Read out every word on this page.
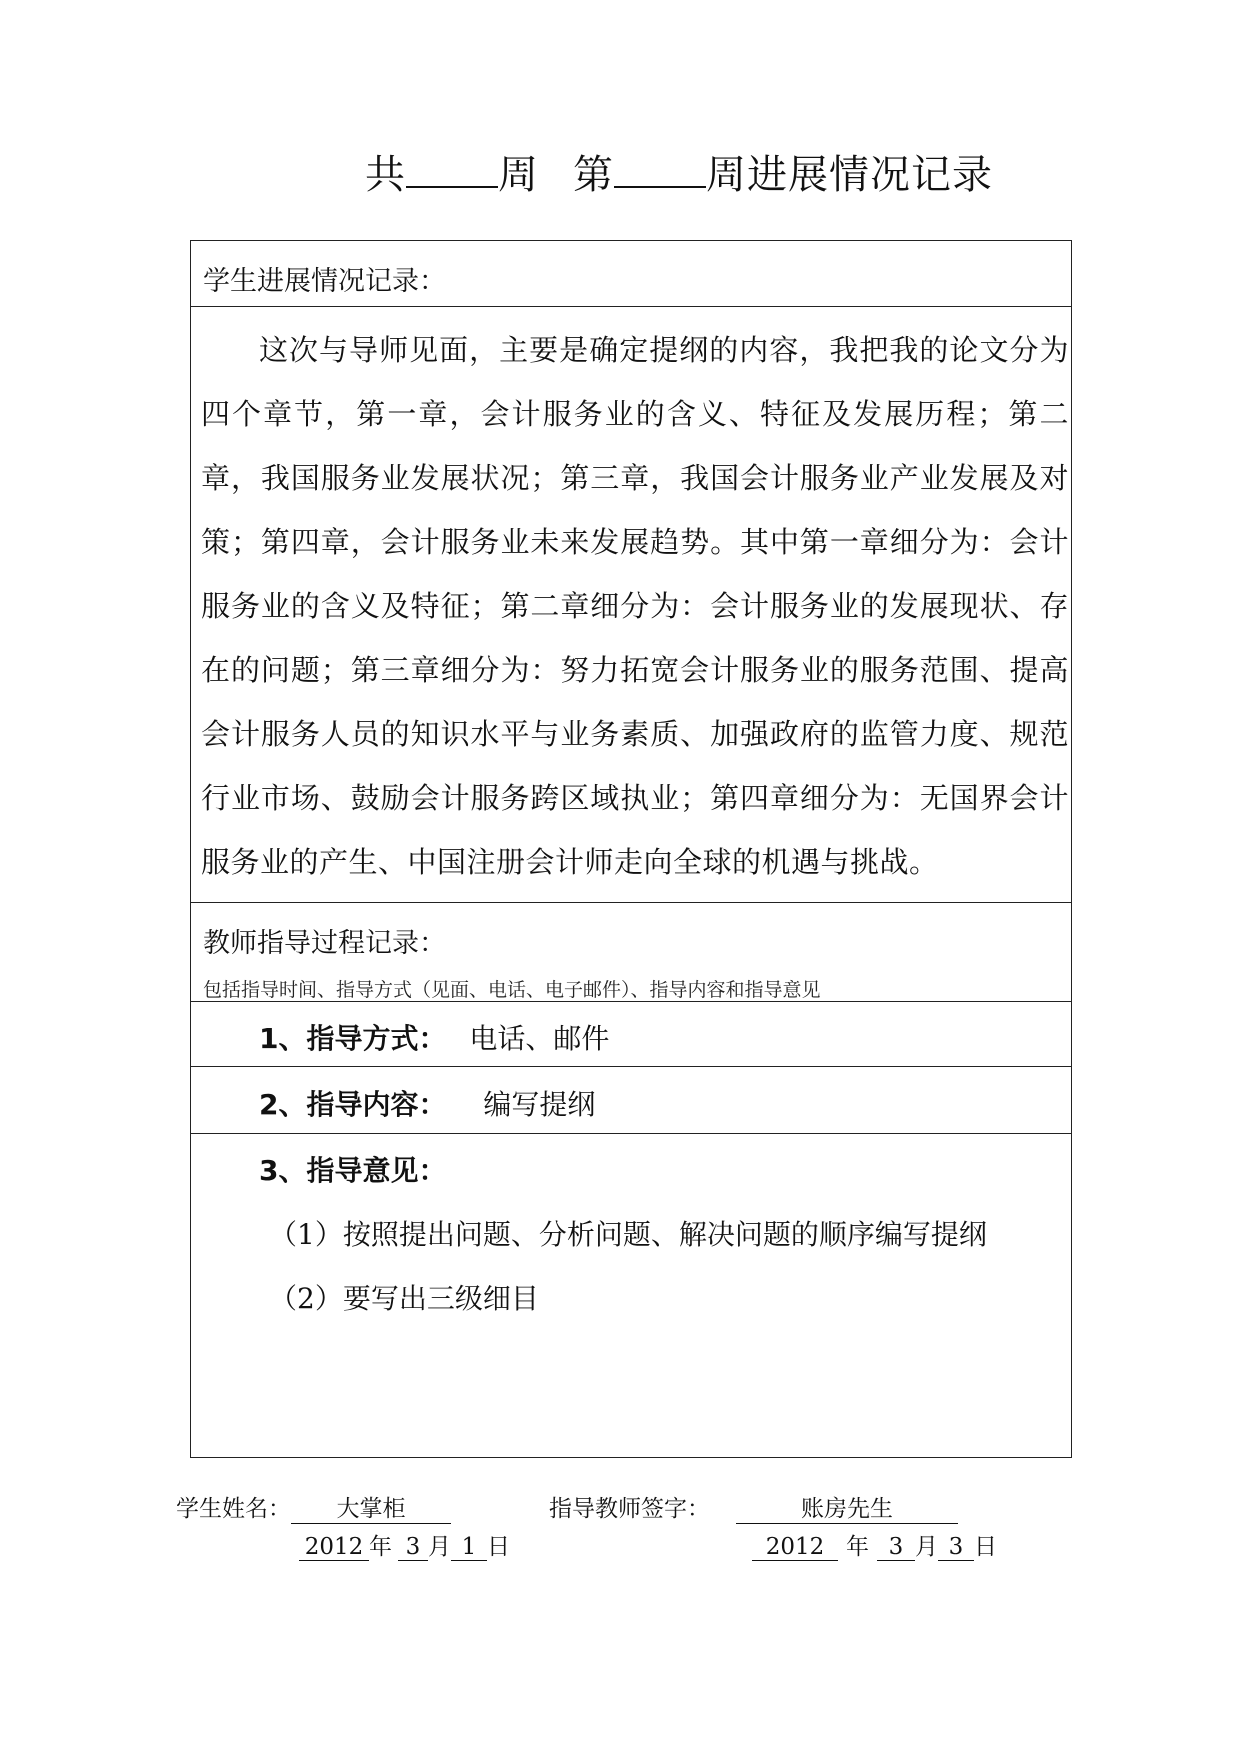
共 周 第 周进展情况记录
学生进展情况记录：
这次与导师见面，主要是确定提纲的内容，我把我的论文分为四个章节，第一章，会计服务业的含义、特征及发展历程；第二章，我国服务业发展状况；第三章，我国会计服务业产业发展及对策；第四章，会计服务业未来发展趋势。其中第一章细分为：会计服务业的含义及特征；第二章细分为：会计服务业的发展现状、存在的问题；第三章细分为：努力拓宽会计服务业的服务范围、提高会计服务人员的知识水平与业务素质、加强政府的监管力度、规范行业市场、鼓励会计服务跨区域执业；第四章细分为：无国界会计服务业的产生、中国注册会计师走向全球的机遇与挑战。
教师指导过程记录：
包括指导时间、指导方式（见面、电话、电子邮件）、指导内容和指导意见
1、指导方式： 电话、邮件
2、指导内容： 编写提纲
3、指导意见：
（1）按照提出问题、分析问题、解决问题的顺序编写提纲
（2）要写出三级细目
学生姓名： 大掌柜	指导教师签字：	账房先生
2012 年 3 月 1 日	2012 年 3 月 3 日
